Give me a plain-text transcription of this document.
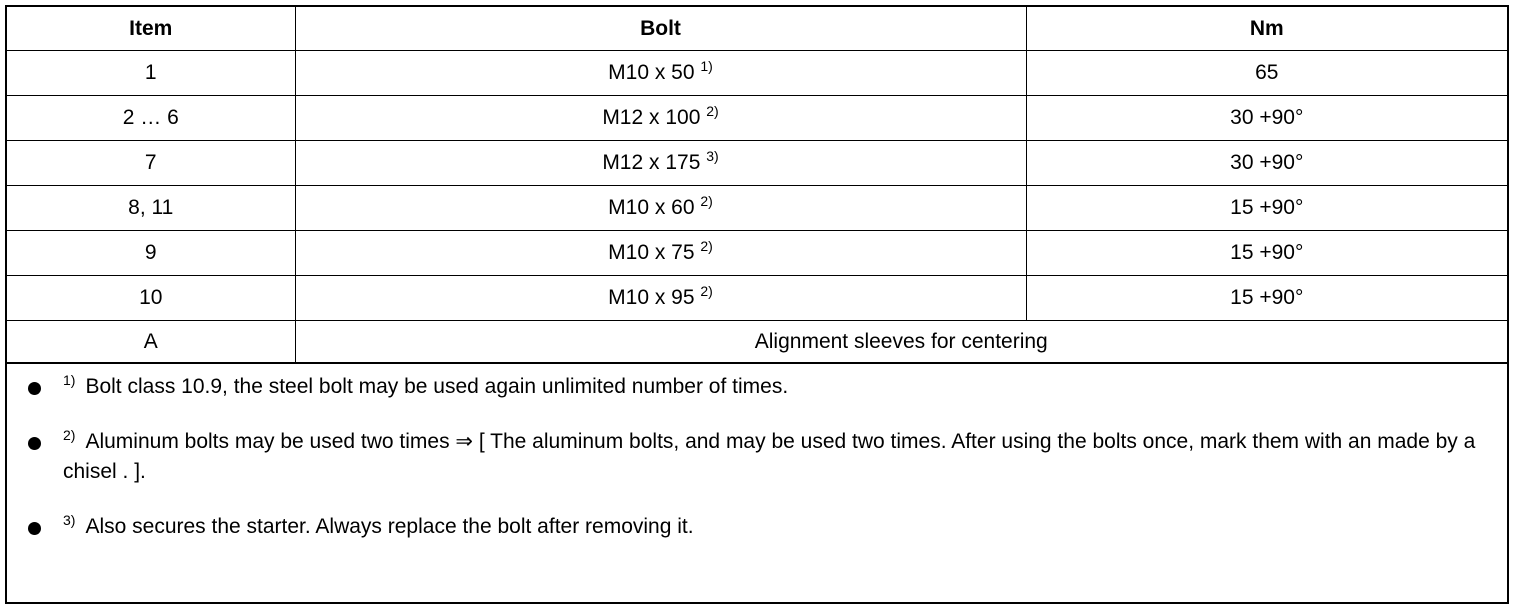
Item	Bolt	Nm
1	M10 x 50 $^{1)}$	65
2 … 6	M12 x 100 $^{2)}$	30 +90°
7	M12 x 175 $^{3)}$	30 +90°
8, 11	M10 x 60 $^{2)}$	15 +90°
9	M10 x 75 $^{2)}$	15 +90°
10	M10 x 95 $^{2)}$	15 +90°
A	Alignment sleeves for centering	
$^{1)}$ Bolt class 10.9, the steel bolt may be used again unlimited number of times.
$^{2)}$ Aluminum bolts may be used two times ⇒ [ The aluminum bolts, and may be used two times. After using the bolts once, mark them with an made by a chisel . ].
$^{3)}$ Also secures the starter. Always replace the bolt after removing it.
